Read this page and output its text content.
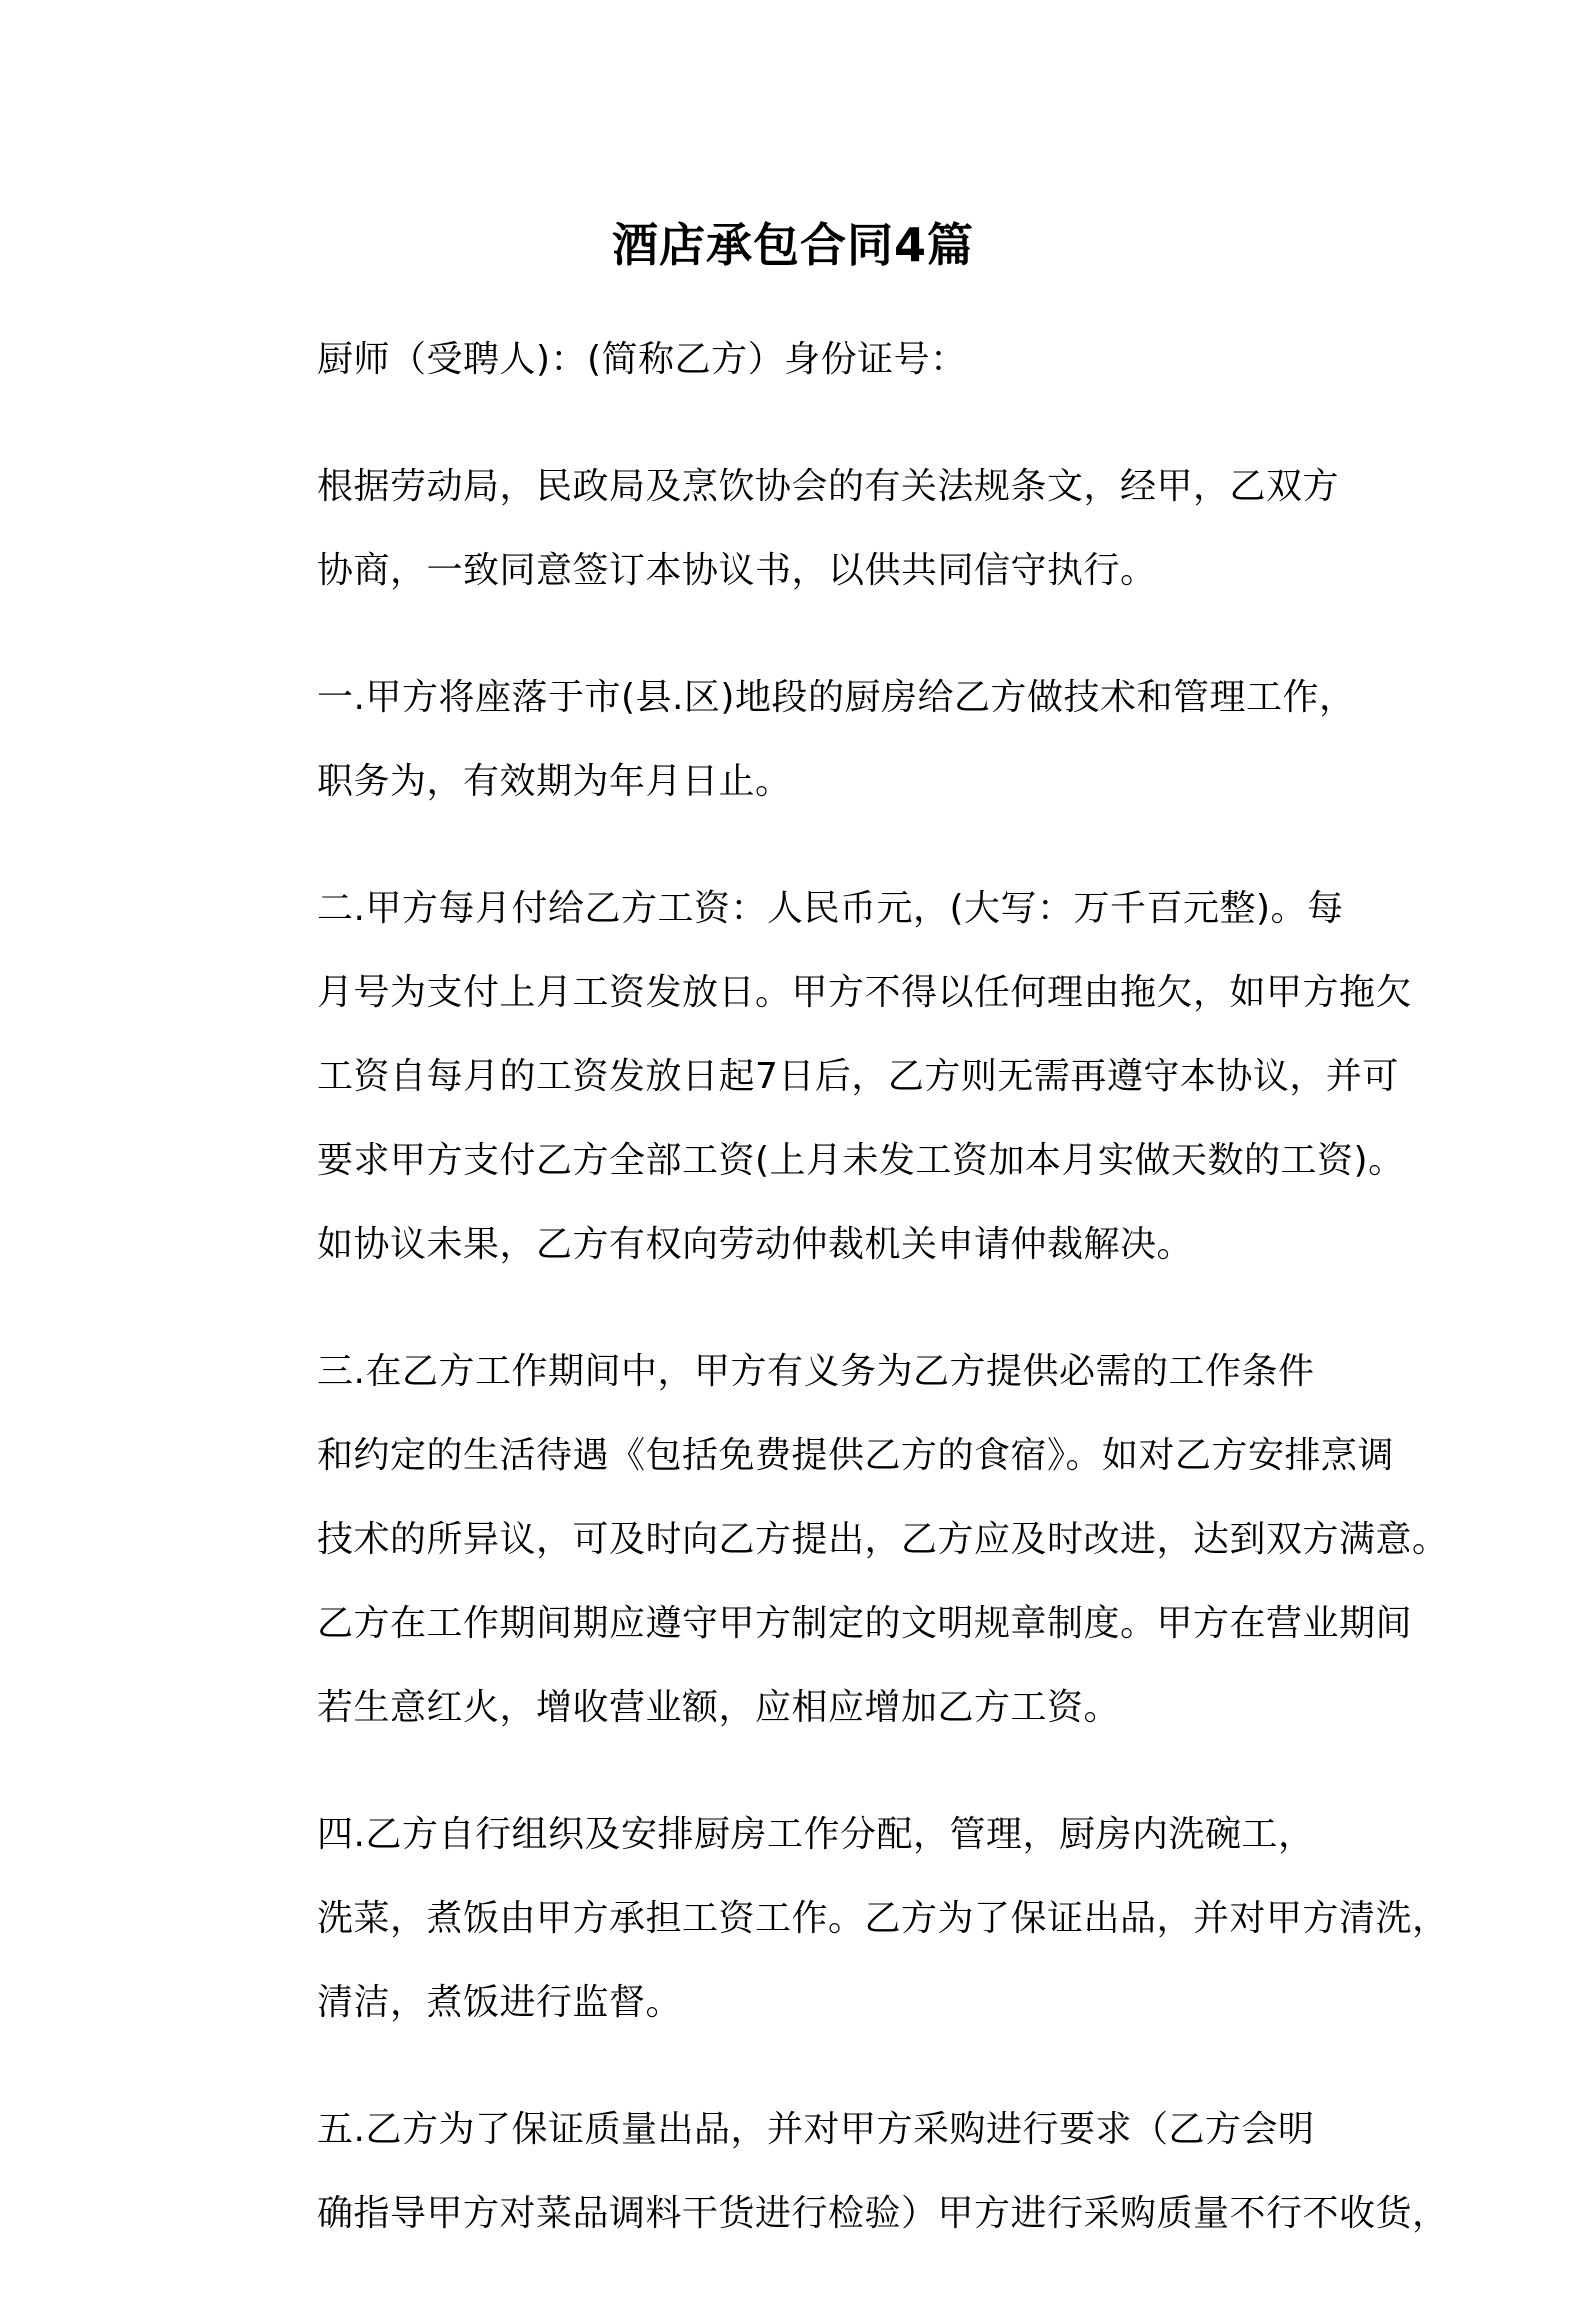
酒店承包合同4篇

厨师（受聘人)：(简称乙方）身份证号：

根据劳动局，民政局及烹饮协会的有关法规条文，经甲，乙双方
协商，一致同意签订本协议书，以供共同信守执行。

一.甲方将座落于市(县.区)地段的厨房给乙方做技术和管理工作，
职务为，有效期为年月日止。

二.甲方每月付给乙方工资：人民币元，(大写：万千百元整)。每
月号为支付上月工资发放日。甲方不得以任何理由拖欠，如甲方拖欠
工资自每月的工资发放日起7日后，乙方则无需再遵守本协议，并可
要求甲方支付乙方全部工资(上月未发工资加本月实做天数的工资)。
如协议未果，乙方有权向劳动仲裁机关申请仲裁解决。

三.在乙方工作期间中，甲方有义务为乙方提供必需的工作条件
和约定的生活待遇《包括免费提供乙方的食宿》。如对乙方安排烹调
技术的所异议，可及时向乙方提出，乙方应及时改进，达到双方满意。
乙方在工作期间期应遵守甲方制定的文明规章制度。甲方在营业期间
若生意红火，增收营业额，应相应增加乙方工资。

四.乙方自行组织及安排厨房工作分配，管理，厨房内洗碗工，
洗菜，煮饭由甲方承担工资工作。乙方为了保证出品，并对甲方清洗，
清洁，煮饭进行监督。

五.乙方为了保证质量出品，并对甲方采购进行要求（乙方会明
确指导甲方对菜品调料干货进行检验）甲方进行采购质量不行不收货，
